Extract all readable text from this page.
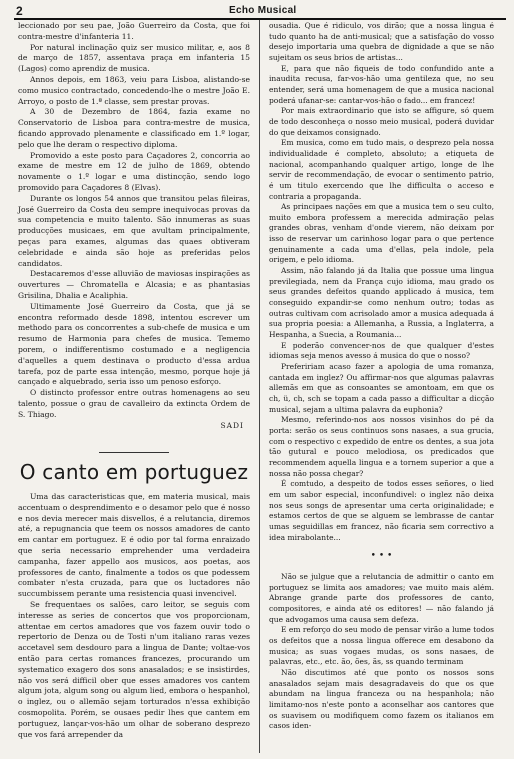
2	Echo Musical

leccionado por seu pae, João Guerreiro da Costa, que foi contra-mestre d'infanteria 11.

Por natural inclinação quiz ser musico militar, e, aos 8 de março de 1857, assentava praça em infanteria 15 (Lagos) como aprendiz de musica.

Annos depois, em 1863, veiu para Lisboa, alistando-se como musico contractado, concedendo-lhe o mestre João E. Arroyo, o posto de 1.ª classe, sem prestar provas.

A 30 de Dezembro de 1864, fazia exame no Conservatorio de Lisboa para contra-mestre de musica, ficando approvado plenamente e classificado em 1.º logar, pelo que lhe deram o respectivo diploma.

Promovido a este posto para Caçadores 2, concorria ao exame de mestre em 12 de julho de 1869, obtendo novamente o 1.º logar e uma distincção, sendo logo promovido para Caçadores 8 (Elvas).

Durante os longos 54 annos que transitou pelas fileiras, José Guerreiro da Costa deu sempre inequivocas provas da sua competencia e muito talento. São innumeras as suas producções musicaes, em que avultam principalmente, peças para exames, algumas das quaes obtiveram celebridade e ainda são hoje as preferidas pelos candidatos.

Destacaremos d'esse alluvião de maviosas inspirações as ouvertures — Chromatella e Alcasia; e as phantasias Grisilina, Dhalia e Acaliphia.

Ultimamente José Guerreiro da Costa, que já se encontra reformado desde 1898, intentou escrever um methodo para os concorrentes a sub-chefe de musica e um resumo de Harmonia para chefes de musica. Tememo porem, o indifferentismo costumado e a negligencia d'aquelles a quem destinava o producto d'essa ardua tarefa, poz de parte essa intenção, mesmo, porque hoje já cançado e alquebrado, seria isso um penoso esforço.

O distincto professor entre outras homenagens ao seu talento, possue o grau de cavalleiro da extincta Ordem de S. Thiago.

SADI
O canto em portuguez

Uma das caracteristicas que, em materia musical, mais accentuam o desprendimento e o desamor pelo que é nosso e nos devia merecer mais disvellos, é a relutancia, diremos até, a repugnancia que teem os nossos amadores de canto em cantar em portuguez. E é odio por tal forma enraizado que seria necessario emprehender uma verdadeira campanha, fazer appello aos musicos, aos poetas, aos professores de canto, finalmente a todos os que podessem combater n'esta cruzada, para que os luctadores não succumbissem perante uma resistencia quasi invencivel.

Se frequentaes os salões, caro leitor, se seguis com interesse as series de concertos que vos proporcionam, attentae em certos amadores que vos fazem ouvir todo o repertorio de Denza ou de Tosti n'um italiano raras vezes accetavel sem desdouro para a lingua de Dante; voltae-vos então para certas romances francezes, procurando um systematico exagero dos sons anasalados; e se insistirdes, não vos será difficil ober que esses amadores vos cantem algum jota, algum song ou algum lied, embora o hespanhol, o inglez, ou o allemão sejam torturados n'essa exhibição cosmopolita. Porém, se ousaes pedir lhes que cantem em portuguez, lançar-vos-hão um olhar de soberano desprezo que vos fará arrepender da

ousadia. Que é ridiculo, vos dirão; que a nossa lingua é tudo quanto ha de anti-musical; que a satisfação do vosso desejo importaria uma quebra de dignidade a que se não sujeitam os seus brios de artistas...

E, para que não fiqueis de todo confundido ante a inaudita recusa, far-vos-hão uma gentileza que, no seu entender, será uma homenagem de que a musica nacional poderá ufanar-se: cantar-vos-hão o fado... em francez!

Por mais extraordinario que isto se affigure, só quem de todo desconheça o nosso meio musical, poderá duvidar do que deixamos consignado.

Em musica, como em tudo mais, o desprezo pela nossa individualidade é completo, absoluto; a etiqueta de nacional, acompanhando qualquer artigo, longe de lhe servir de recommendação, de evocar o sentimento patrio, é um titulo exercendo que lhe difficulta o acceso e contraria a propaganda.

As principaes nações em que a musica tem o seu culto, muito embora professem a merecida admiração pelas grandes obras, venham d'onde vierem, não deixam por isso de reservar um carinhoso logar para o que pertence genuinamente a cada uma d'ellas, pela indole, pela origem, e pelo idioma.

Assim, não falando já da Italia que possue uma lingua previlegiada, nem da França cujo idioma, mau grado os seus grandes defeitos quando applicado á musica, tem conseguido expandir-se como nenhum outro; todas as outras cultivam com acrisolado amor a musica adequada á sua propria poesia: a Allemanha, a Russia, a Inglaterra, a Hespanha, a Suecia, a Roumania...

E poderão convencer-nos de que qualquer d'estes idiomas seja menos avesso á musica do que o nosso?

Prefeririam acaso fazer a apologia de uma romanza, cantada em inglez? Ou affirmar-nos que algumas palavras allemãs em que as consoantes se amontoam, em que os ch, ü, ch, sch se topam a cada passo a difficultar a dicção musical, sejam a ultima palavra da euphonia?

Mesmo, referindo-nos aos nossos visinhos do pé da porta: serão os seus continuos sons nasaes, a sua grucia, com o respectivo c expedido de entre os dentes, a sua jota tão gutural e pouco melodiosa, os predicados que recommendem aquella lingua e a tornem superior a que a nossa não possa chegar?

É comtudo, a despeito de todos esses señores, o lied em um sabor especial, inconfundivel: o inglez não deixa nos seus songs de apresentar uma certa originalidade; e estamos certos de que se alguem se lembrasse de cantar umas seguidillas em francez, não ficaria sem correctivo a idea mirabolante...

• • •

Não se julgue que a relutancia de admittir o canto em portuguez se limita aos amadores; vae muito mais além. Abrange grande parte dos professores de canto, compositores, e ainda até os editores! — não falando já que advogamos uma causa sem defeza.

E em reforço do seu modo de pensar virão a lume todos os defeitos que a nossa lingua offerece em desabono da musica; as suas vogaes mudas, os sons nasaes, de palavras, etc., etc. ão, ões, ãs, ss quando terminam

Não discutimos até que ponto os nossos sons anasalados sejam mais desagradaveis do que os que abundam na lingua franceza ou na hespanhola; não limitamo-nos n'este ponto a aconselhar aos cantores que os suavisem ou modifiquem como fazem os italianos em casos iden-
